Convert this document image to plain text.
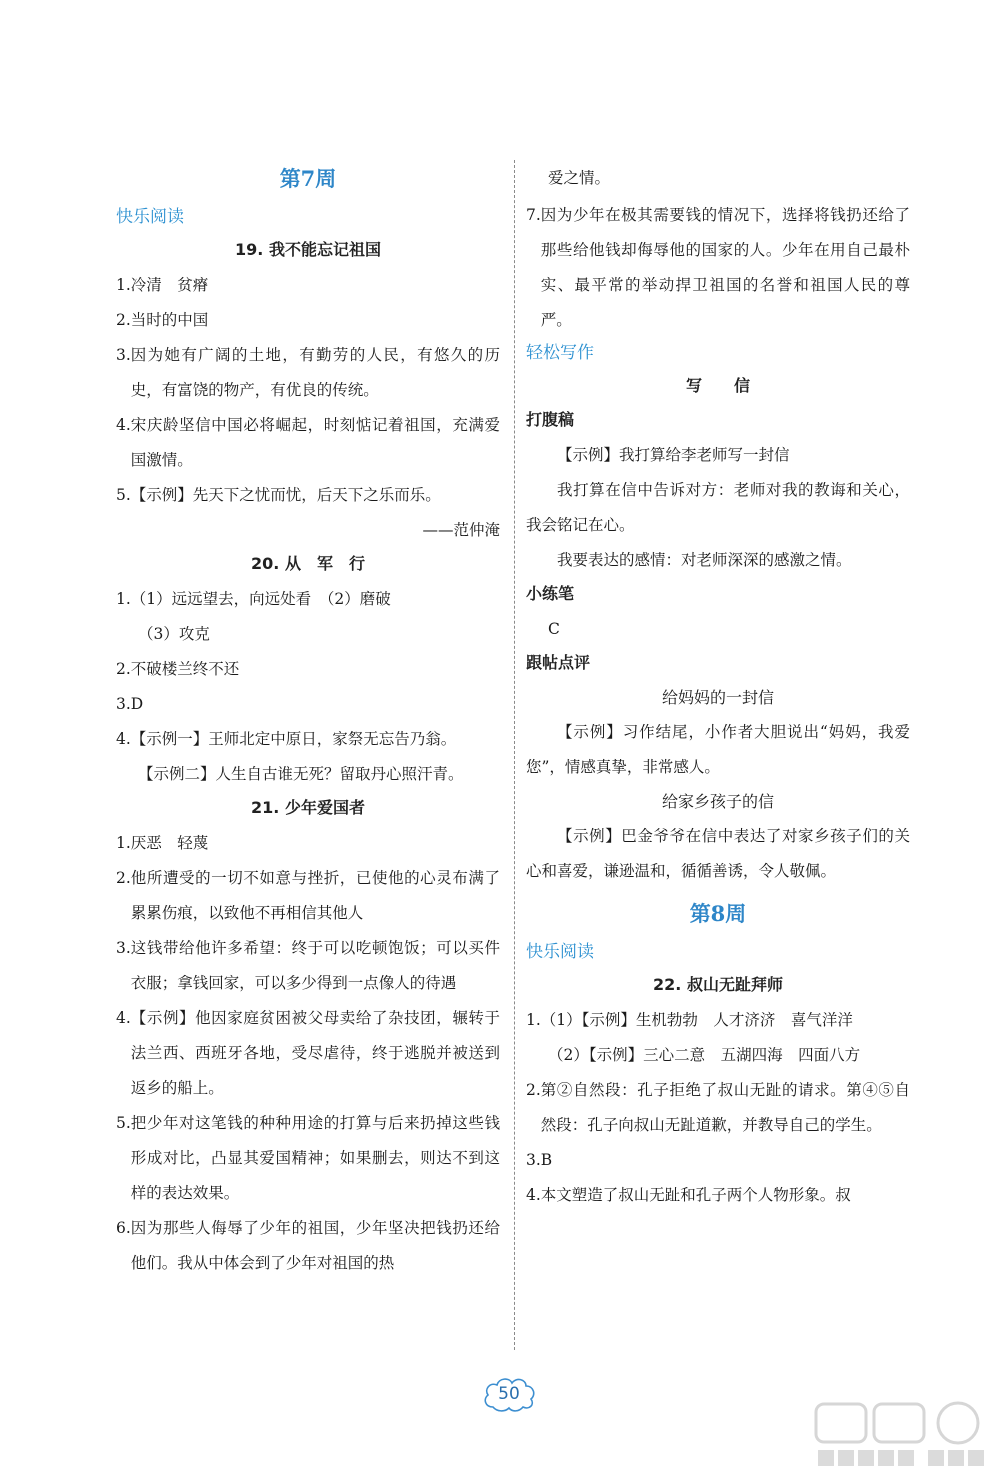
第7周
快乐阅读
19. 我不能忘记祖国
1. 冷清　贫瘠
2. 当时的中国
3. 因为她有广阔的土地，有勤劳的人民，有悠久的历史，有富饶的物产，有优良的传统。
4. 宋庆龄坚信中国必将崛起，时刻惦记着祖国，充满爱国激情。
5. 【示例】先天下之忧而忧，后天下之乐而乐。
——范仲淹
20. 从　军　行
1. （1）远远望去，向远处看　（2）磨破
（3）攻克
2. 不破楼兰终不还
3. D
4. 【示例一】王师北定中原日，家祭无忘告乃翁。
【示例二】人生自古谁无死？留取丹心照汗青。
21. 少年爱国者
1. 厌恶　轻蔑
2. 他所遭受的一切不如意与挫折，已使他的心灵布满了累累伤痕，以致他不再相信其他人
3. 这钱带给他许多希望：终于可以吃顿饱饭；可以买件衣服；拿钱回家，可以多少得到一点像人的待遇
4. 【示例】他因家庭贫困被父母卖给了杂技团，辗转于法兰西、西班牙各地，受尽虐待，终于逃脱并被送到返乡的船上。
5. 把少年对这笔钱的种种用途的打算与后来扔掉这些钱形成对比，凸显其爱国精神；如果删去，则达不到这样的表达效果。
6. 因为那些人侮辱了少年的祖国，少年坚决把钱扔还给他们。我从中体会到了少年对祖国的热
爱之情。
7. 因为少年在极其需要钱的情况下，选择将钱扔还给了那些给他钱却侮辱他的国家的人。少年在用自己最朴实、最平常的举动捍卫祖国的名誉和祖国人民的尊严。
轻松写作
写　　信
打腹稿

【示例】我打算给李老师写一封信

我打算在信中告诉对方：老师对我的教诲和关心，我会铭记在心。

我要表达的感情：对老师深深的感激之情。

小练笔
C
跟帖点评
给妈妈的一封信

【示例】习作结尾，小作者大胆说出“妈妈，我爱您”，情感真挚，非常感人。

给家乡孩子的信

【示例】巴金爷爷在信中表达了对家乡孩子们的关心和喜爱，谦逊温和，循循善诱，令人敬佩。

第8周
快乐阅读
22. 叔山无趾拜师
1. （1）【示例】生机勃勃　人才济济　喜气洋洋
（2）【示例】三心二意　五湖四海　四面八方
2. 第②自然段：孔子拒绝了叔山无趾的请求。第④⑤自然段：孔子向叔山无趾道歉，并教导自己的学生。
3. B
4. 本文塑造了叔山无趾和孔子两个人物形象。叔
50
